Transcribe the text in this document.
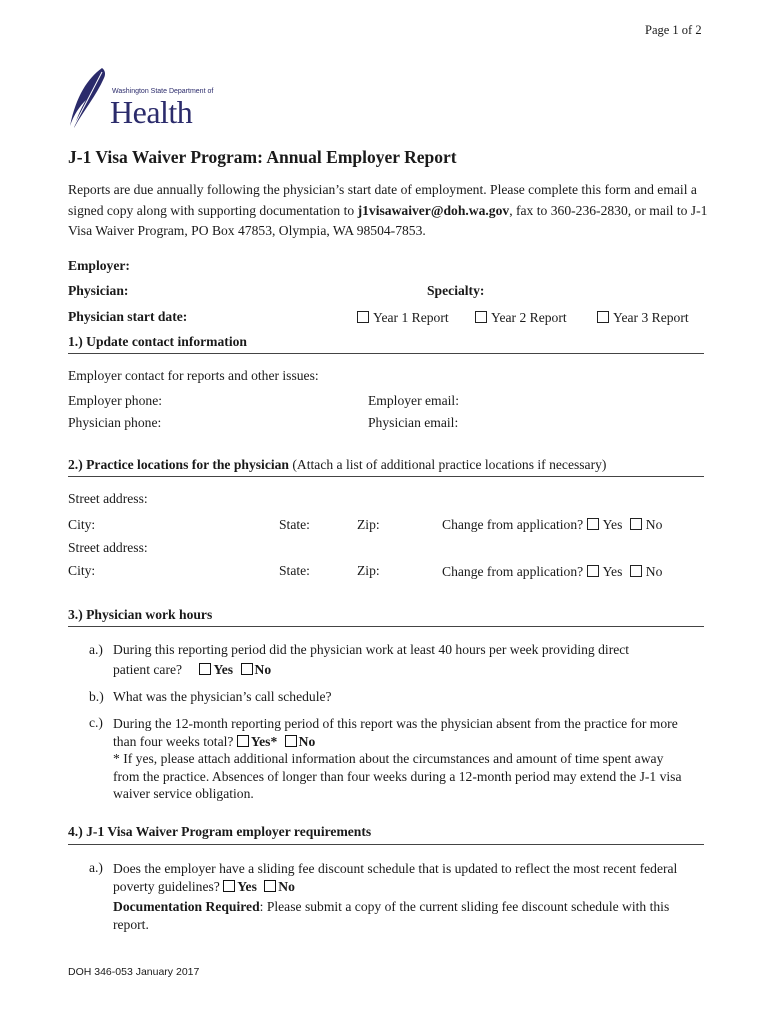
Page 1 of 2
Washington State Department of
Health
J-1 Visa Waiver Program: Annual Employer Report
Reports are due annually following the physician’s start date of employment. Please complete this form and email a signed copy along with supporting documentation to j1visawaiver@doh.wa.gov, fax to 360-236-2830, or mail to J-1 Visa Waiver Program, PO Box 47853, Olympia, WA 98504-7853.
Employer:
Physician:	Specialty:
Physician start date:	Year 1 Report	Year 2 Report	Year 3 Report
1.) Update contact information
Employer contact for reports and other issues:
Employer phone:	Employer email:
Physician phone:	Physician email:
2.) Practice locations for the physician (Attach a list of additional practice locations if necessary)
Street address:
City:	State:	Zip:	Change from application? Yes No
Street address:
City:	State:	Zip:	Change from application? Yes No
3.) Physician work hours
a.) During this reporting period did the physician work at least 40 hours per week providing direct
patient care? Yes No
b.) What was the physician’s call schedule?
c.) During the 12-month reporting period of this report was the physician absent from the practice for more than four weeks total? Yes* No
* If yes, please attach additional information about the circumstances and amount of time spent away from the practice. Absences of longer than four weeks during a 12-month period may extend the J-1 visa waiver service obligation.
4.) J-1 Visa Waiver Program employer requirements
a.) Does the employer have a sliding fee discount schedule that is updated to reflect the most recent federal poverty guidelines? Yes No
Documentation Required: Please submit a copy of the current sliding fee discount schedule with this report.
DOH 346-053 January 2017
